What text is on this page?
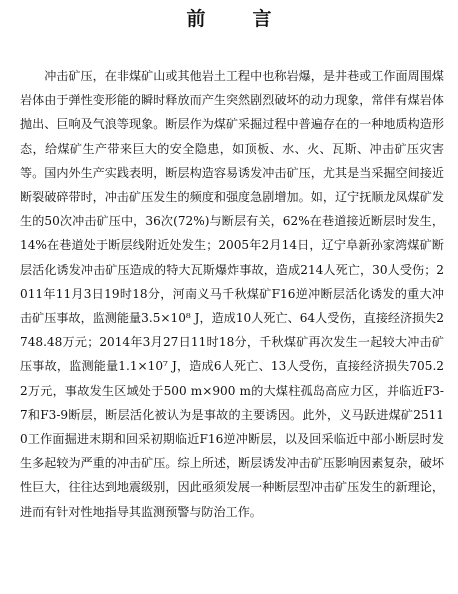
前　言

冲击矿压，在非煤矿山或其他岩土工程中也称岩爆，是井巷或工作面周围煤岩体由于弹性变形能的瞬时释放而产生突然剧烈破坏的动力现象，常伴有煤岩体抛出、巨响及气浪等现象。断层作为煤矿采掘过程中普遍存在的一种地质构造形态，给煤矿生产带来巨大的安全隐患，如顶板、水、火、瓦斯、冲击矿压灾害等。国内外生产实践表明，断层构造容易诱发冲击矿压，尤其是当采掘空间接近断裂破碎带时，冲击矿压发生的频度和强度急剧增加。如，辽宁抚顺龙凤煤矿发生的50次冲击矿压中，36次(72%)与断层有关，62%在巷道接近断层时发生，14%在巷道处于断层线附近处发生；2005年2月14日，辽宁阜新孙家湾煤矿断层活化诱发冲击矿压造成的特大瓦斯爆炸事故，造成214人死亡，30人受伤；2011年11月3日19时18分，河南义马千秋煤矿F16逆冲断层活化诱发的重大冲击矿压事故，监测能量3.5×10⁸ J，造成10人死亡、64人受伤，直接经济损失2 748.48万元；2014年3月27日11时18分，千秋煤矿再次发生一起较大冲击矿压事故，监测能量1.1×10⁷ J，造成6人死亡、13人受伤，直接经济损失705.22万元，事故发生区域处于500 m×900 m的大煤柱孤岛高应力区，并临近F3-7和F3-9断层，断层活化被认为是事故的主要诱因。此外，义马跃进煤矿25110工作面掘进末期和回采初期临近F16逆冲断层，以及回采临近中部小断层时发生多起较为严重的冲击矿压。综上所述，断层诱发冲击矿压影响因素复杂，破坏性巨大，往往达到地震级别，因此亟须发展一种断层型冲击矿压发生的新理论，进而有针对性地指导其监测预警与防治工作。
